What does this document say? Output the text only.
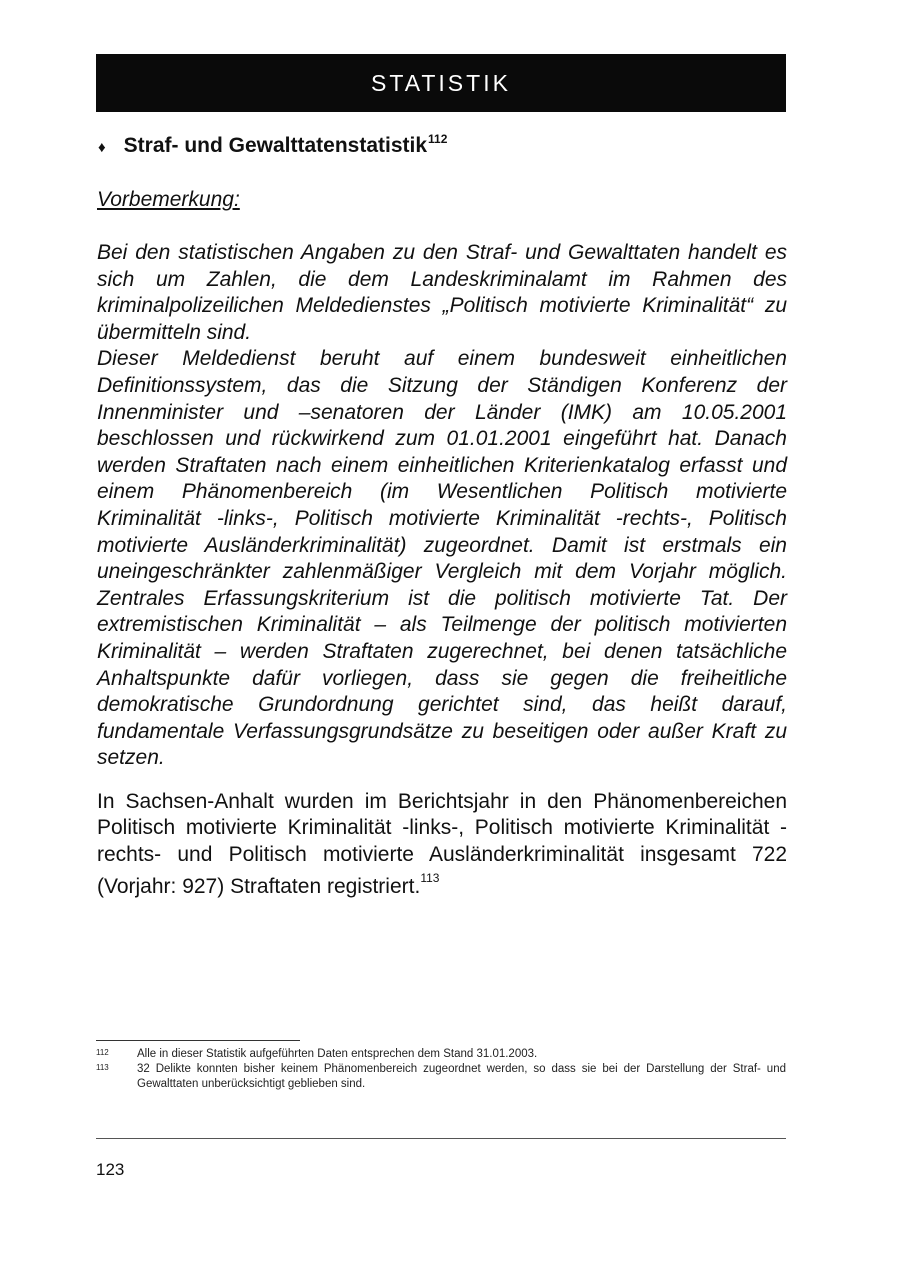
STATISTIK
♦ Straf- und Gewalttatenstatistik$^{112}$
Vorbemerkung:

Bei den statistischen Angaben zu den Straf- und Gewalttaten handelt es sich um Zahlen, die dem Landeskriminalamt im Rahmen des kriminalpolizeilichen Meldedienstes „Politisch motivierte Kriminalität“ zu übermitteln sind.

Dieser Meldedienst beruht auf einem bundesweit einheitlichen Definitionssystem, das die Sitzung der Ständigen Konferenz der Innenminister und –senatoren der Länder (IMK) am 10.05.2001 beschlossen und rückwirkend zum 01.01.2001 eingeführt hat. Danach werden Straftaten nach einem einheitlichen Kriterienkatalog erfasst und einem Phänomenbereich (im Wesentlichen Politisch motivierte Kriminalität -links-, Politisch motivierte Kriminalität -rechts-, Politisch motivierte Ausländerkriminalität) zugeordnet. Damit ist erstmals ein uneingeschränkter zahlenmäßiger Vergleich mit dem Vorjahr möglich. Zentrales Erfassungskriterium ist die politisch motivierte Tat. Der extremistischen Kriminalität – als Teilmenge der politisch motivierten Kriminalität – werden Straftaten zugerechnet, bei denen tatsächliche Anhaltspunkte dafür vorliegen, dass sie gegen die freiheitliche demokratische Grundordnung gerichtet sind, das heißt darauf, fundamentale Verfassungsgrundsätze zu beseitigen oder außer Kraft zu setzen.

In Sachsen-Anhalt wurden im Berichtsjahr in den Phänomenbereichen Politisch motivierte Kriminalität -links-, Politisch motivierte Kriminalität -rechts- und Politisch motivierte Ausländerkriminalität insgesamt 722 (Vorjahr: 927) Straftaten registriert.$^{113}$
112	Alle in dieser Statistik aufgeführten Daten entsprechen dem Stand 31.01.2003.
113	32 Delikte konnten bisher keinem Phänomenbereich zugeordnet werden, so dass sie bei der Darstellung der Straf- und Gewalttaten unberücksichtigt geblieben sind.
123
